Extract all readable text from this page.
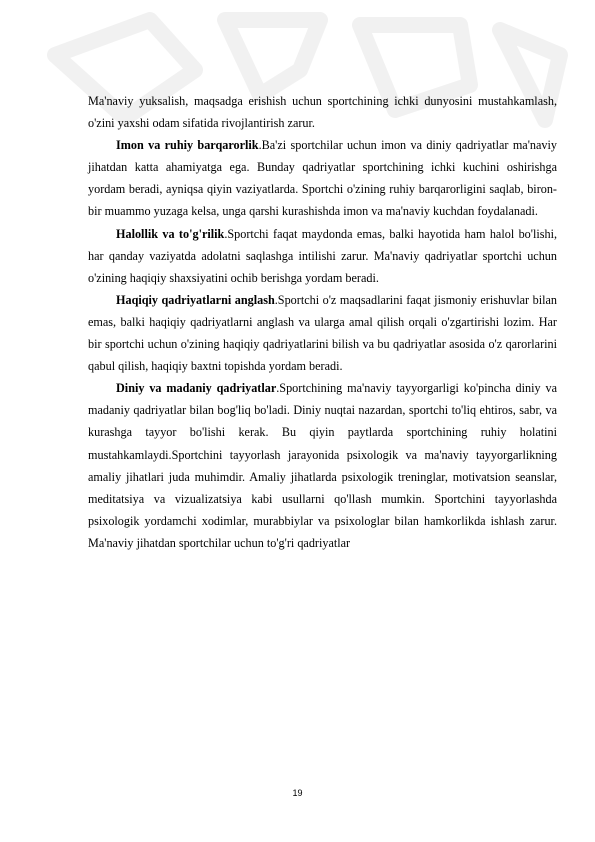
Ma'naviy yuksalish, maqsadga erishish uchun sportchining ichki dunyosini mustahkamlash, o'zini yaxshi odam sifatida rivojlantirish zarur.

Imon va ruhiy barqarorlik.Ba'zi sportchilar uchun imon va diniy qadriyatlar ma'naviy jihatdan katta ahamiyatga ega. Bunday qadriyatlar sportchining ichki kuchini oshirishga yordam beradi, ayniqsa qiyin vaziyatlarda. Sportchi o'zining ruhiy barqarorligini saqlab, biron-bir muammo yuzaga kelsa, unga qarshi kurashishda imon va ma'naviy kuchdan foydalanadi.

Halollik va to'g'rilik.Sportchi faqat maydonda emas, balki hayotida ham halol bo'lishi, har qanday vaziyatda adolatni saqlashga intilishi zarur. Ma'naviy qadriyatlar sportchi uchun o'zining haqiqiy shaxsiyatini ochib berishga yordam beradi.

Haqiqiy qadriyatlarni anglash.Sportchi o'z maqsadlarini faqat jismoniy erishuvlar bilan emas, balki haqiqiy qadriyatlarni anglash va ularga amal qilish orqali o'zgartirishi lozim. Har bir sportchi uchun o'zining haqiqiy qadriyatlarini bilish va bu qadriyatlar asosida o'z qarorlarini qabul qilish, haqiqiy baxtni topishda yordam beradi.

Diniy va madaniy qadriyatlar.Sportchining ma'naviy tayyorgarligi ko'pincha diniy va madaniy qadriyatlar bilan bog'liq bo'ladi. Diniy nuqtai nazardan, sportchi to'liq ehtiros, sabr, va kurashga tayyor bo'lishi kerak. Bu qiyin paytlarda sportchining ruhiy holatini mustahkamlaydi.Sportchini tayyorlash jarayonida psixologik va ma'naviy tayyorgarlikning amaliy jihatlari juda muhimdir. Amaliy jihatlarda psixologik treninglar, motivatsion seanslar, meditatsiya va vizualizatsiya kabi usullarni qo'llash mumkin. Sportchini tayyorlashda psixologik yordamchi xodimlar, murabbiylar va psixologlar bilan hamkorlikda ishlash zarur. Ma'naviy jihatdan sportchilar uchun to'g'ri qadriyatlar

19
